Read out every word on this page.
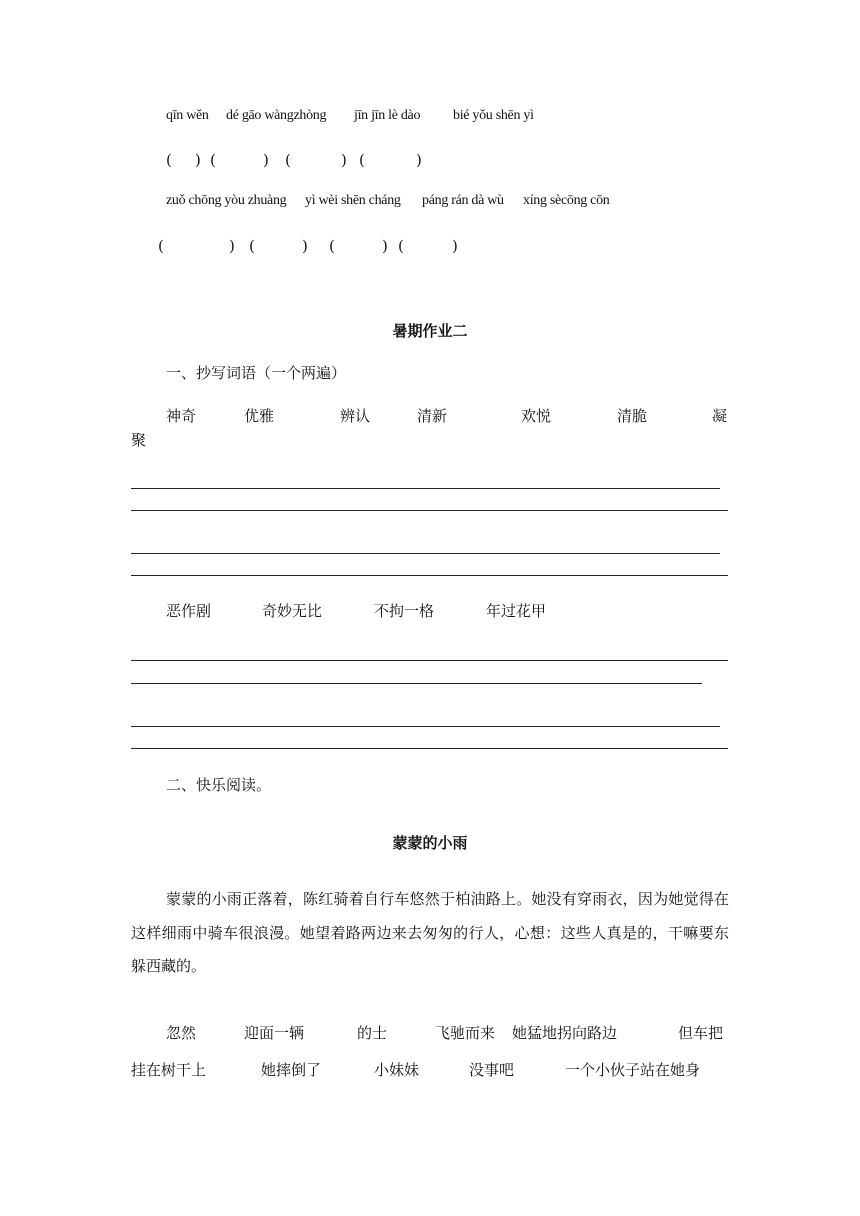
qīn wěn dé gāo wàngzhòng jīn jīn lè dào bié yǒu shēn yì
( ) (	) (	) (	)
zuǒ chōng yòu zhuàng yì wèi shēn cháng páng rán dà wù xíng sècōng cōn
(	) (	) (	) (	)
暑期作业二
一、抄写词语（一个两遍）
神奇	优雅	辨认	清新	欢悦	清脆	凝
聚
恶作剧	奇妙无比	不拘一格	年过花甲
二、快乐阅读。
蒙蒙的小雨
蒙蒙的小雨正落着，陈红骑着自行车悠然于柏油路上。她没有穿雨衣，因为她觉得在这样细雨中骑车很浪漫。她望着路两边来去匆匆的行人，心想：这些人真是的，干嘛要东躲西藏的。
忽然	迎面一辆	的士	飞驰而来 她猛地拐向路边	但车把
挂在树干上	她摔倒了	小妹妹	没事吧	一个小伙子站在她身
